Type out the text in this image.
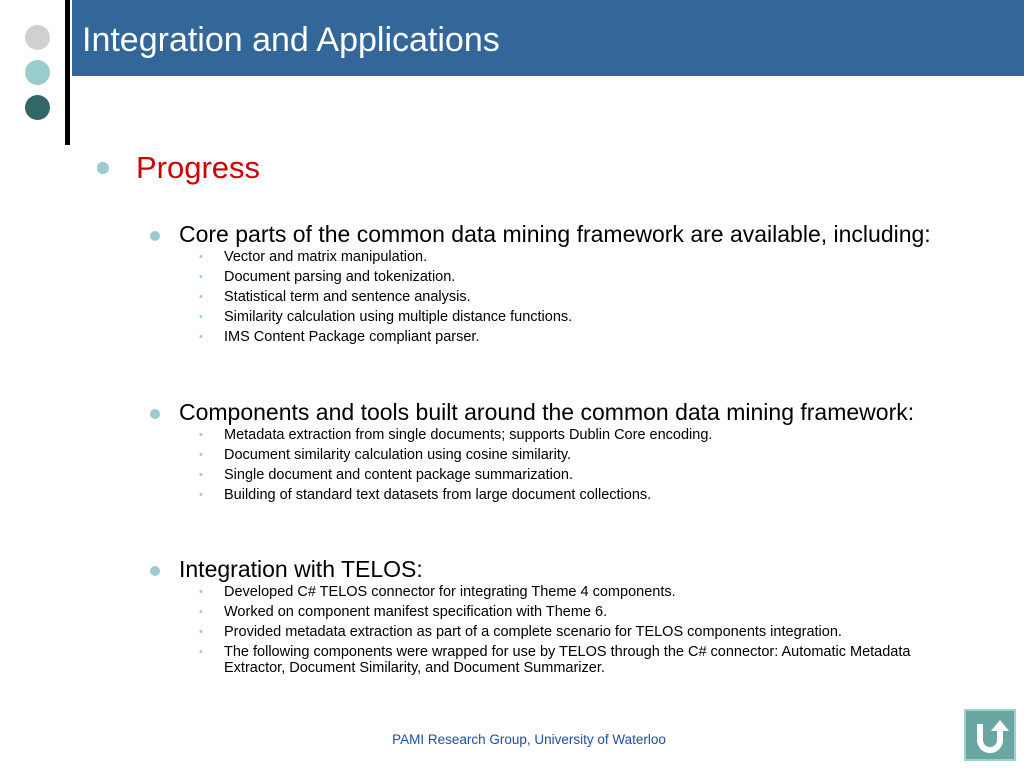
Integration and Applications
Progress
Core parts of the common data mining framework are available, including:
• Vector and matrix manipulation.
• Document parsing and tokenization.
• Statistical term and sentence analysis.
• Similarity calculation using multiple distance functions.
• IMS Content Package compliant parser.
Components and tools built around the common data mining framework:
• Metadata extraction from single documents; supports Dublin Core encoding.
• Document similarity calculation using cosine similarity.
• Single document and content package summarization.
• Building of standard text datasets from large document collections.
Integration with TELOS:
• Developed C# TELOS connector for integrating Theme 4 components.
• Worked on component manifest specification with Theme 6.
• Provided metadata extraction as part of a complete scenario for TELOS components integration.
• The following components were wrapped for use by TELOS through the C# connector: Automatic Metadata Extractor, Document Similarity, and Document Summarizer.
PAMI Research Group, University of Waterloo
